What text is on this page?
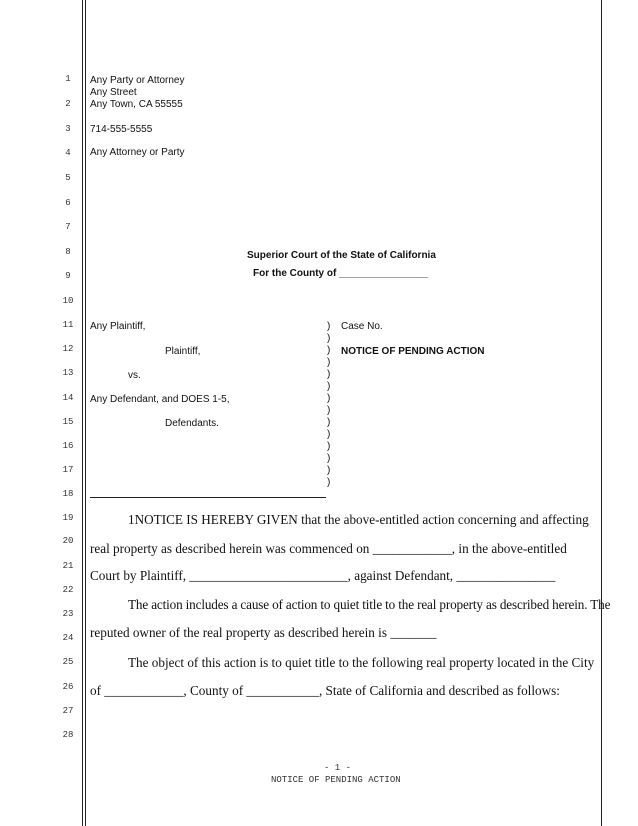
1
2
3
4
5
6
7
8
9
10
11
12
13
14
15
16
17
18
19
20
21
22
23
24
25
26
27
28
Any Party or Attorney
Any Street
Any Town, CA 55555
714-555-5555
Any Attorney or Party
Superior Court of the State of California
For the County of ________________
Any Plaintiff,
Plaintiff,
vs.
Any Defendant, and DOES 1-5,
Defendants.
)
)
)
)
)
)
)
)
)
)
)
)
)
)
Case No.
NOTICE OF PENDING ACTION
1NOTICE IS HEREBY GIVEN that the above-entitled action concerning and affecting
real property as described herein was commenced on ____________, in the above-entitled
Court by Plaintiff, ________________________, against Defendant, _______________
The action includes a cause of action to quiet title to the real property as described herein. The
reputed owner of the real property as described herein is _______
The object of this action is to quiet title to the following real property located in the City
of ____________, County of ___________, State of California and described as follows:
- 1 -
NOTICE OF PENDING ACTION
